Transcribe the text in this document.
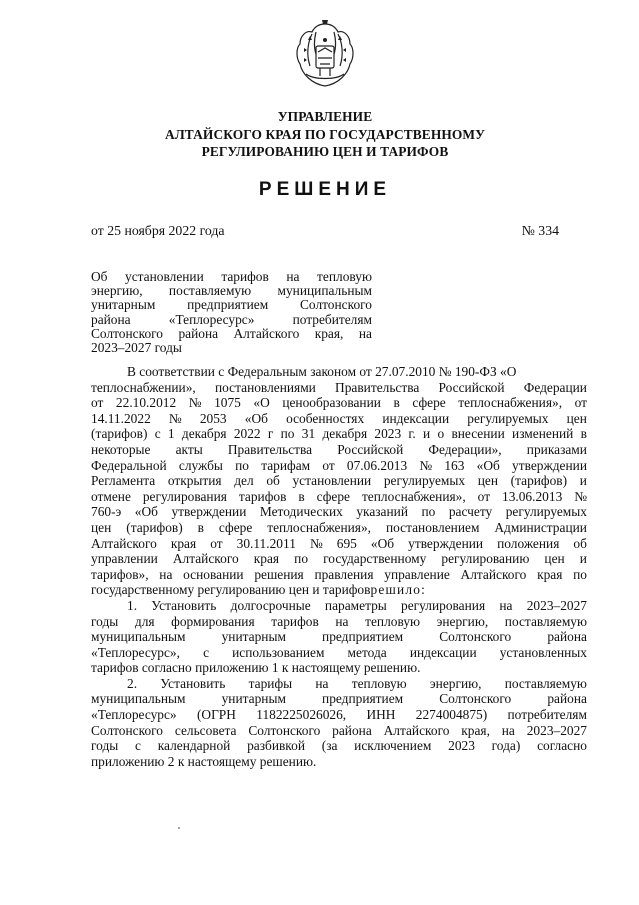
УПРАВЛЕНИЕ
АЛТАЙСКОГО КРАЯ ПО ГОСУДАРСТВЕННОМУ
РЕГУЛИРОВАНИЮ ЦЕН И ТАРИФОВ
РЕШЕНИЕ
от 25 ноября 2022 года	№ 334
Об установлении тарифов на тепловую
энергию, поставляемую муниципальным
унитарным предприятием Солтонского
района	«Теплоресурс»	потребителям
Солтонского района Алтайского края, на
2023–2027 годы
В соответствии с Федеральным законом от 27.07.2010 № 190-ФЗ «О
теплоснабжении», постановлениями Правительства Российской Федерации
от 22.10.2012 № 1075 «О ценообразовании в сфере теплоснабжения», от
14.11.2022 № 2053 «Об особенностях индексации регулируемых цен
(тарифов) с 1 декабря 2022 г по 31 декабря 2023 г. и о внесении изменений в
некоторые акты Правительства Российской Федерации», приказами
Федеральной службы по тарифам от 07.06.2013 № 163 «Об утверждении
Регламента открытия дел об установлении регулируемых цен (тарифов) и
отмене регулирования тарифов в сфере теплоснабжения», от 13.06.2013 №
760-э «Об утверждении Методических указаний по расчету регулируемых
цен (тарифов) в сфере теплоснабжения», постановлением Администрации
Алтайского края от 30.11.2011 № 695 «Об утверждении положения об
управлении Алтайского края по государственному регулированию цен и
тарифов», на основании решения правления управление Алтайского края по
государственному регулированию цен и тарифов решило:
1. Установить долгосрочные параметры регулирования на 2023–2027
годы для формирования тарифов на тепловую энергию, поставляемую
муниципальным	унитарным	предприятием	Солтонского	района
«Теплоресурс», с использованием метода индексации установленных
тарифов согласно приложению 1 к настоящему решению.
2. Установить тарифы на тепловую энергию, поставляемую
муниципальным	унитарным	предприятием	Солтонского	района
«Теплоресурс» (ОГРН 1182225026026, ИНН 2274004875) потребителям
Солтонского сельсовета Солтонского района Алтайского края, на 2023–2027
годы с календарной разбивкой (за исключением 2023 года) согласно
приложению 2 к настоящему решению.
